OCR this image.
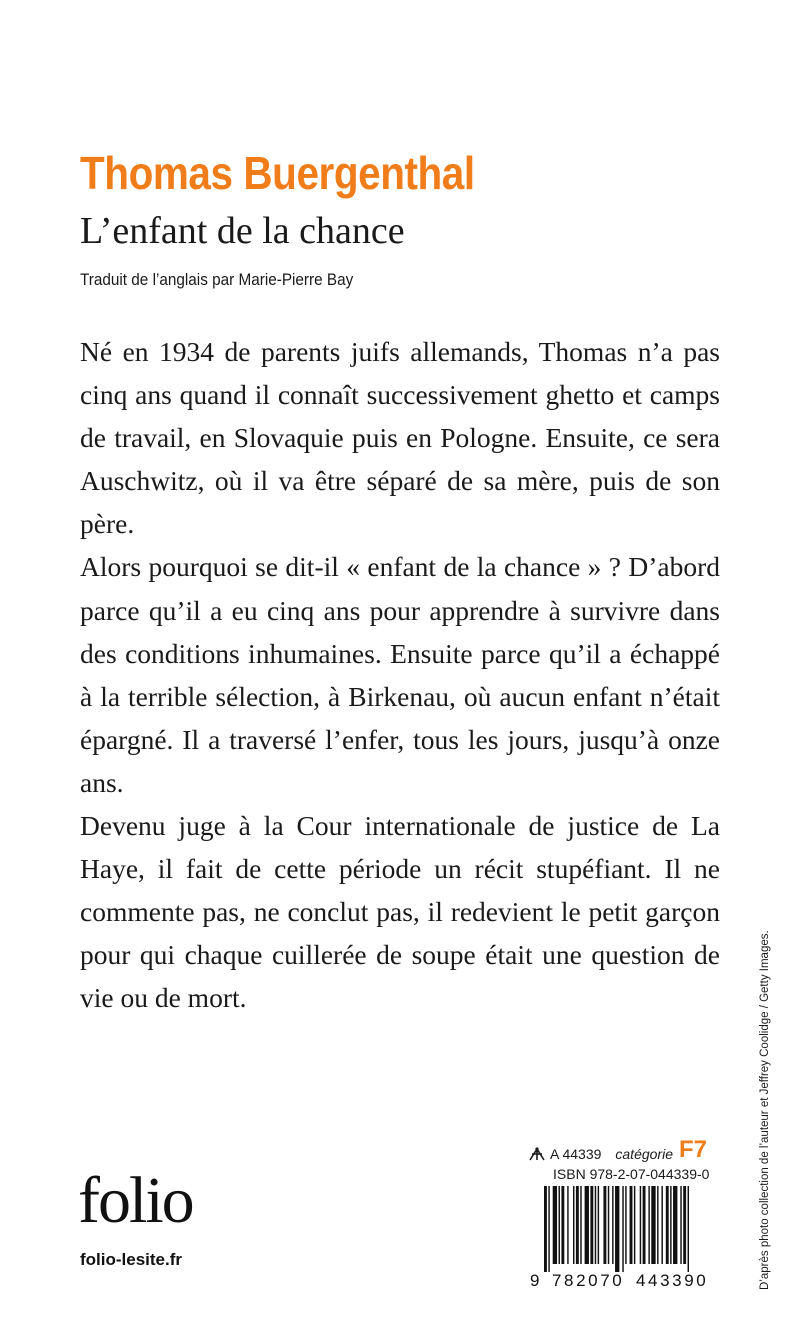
Thomas Buergenthal
L’enfant de la chance
Traduit de l’anglais par Marie-Pierre Bay

Né en 1934 de parents juifs allemands, Thomas n’a pas cinq ans quand il connaît successivement ghetto et camps de travail, en Slovaquie puis en Pologne. Ensuite, ce sera Auschwitz, où il va être séparé de sa mère, puis de son père.

Alors pourquoi se dit-il « enfant de la chance » ? D’abord parce qu’il a eu cinq ans pour apprendre à survivre dans des conditions inhumaines. Ensuite parce qu’il a échappé à la terrible sélection, à Birkenau, où aucun enfant n’était épargné. Il a traversé l’enfer, tous les jours, jusqu’à onze ans.

Devenu juge à la Cour internationale de justice de La Haye, il fait de cette période un récit stupéfiant. Il ne commente pas, ne conclut pas, il redevient le petit garçon pour qui chaque cuillerée de soupe était une question de vie ou de mort.	D’après photo collection de l’auteur et Jeffrey Coolidge / Getty Images.
folio
folio-lesite.fr
A 44339 catégorie F7
ISBN 978-2-07-044339-0
9 782070 443390
